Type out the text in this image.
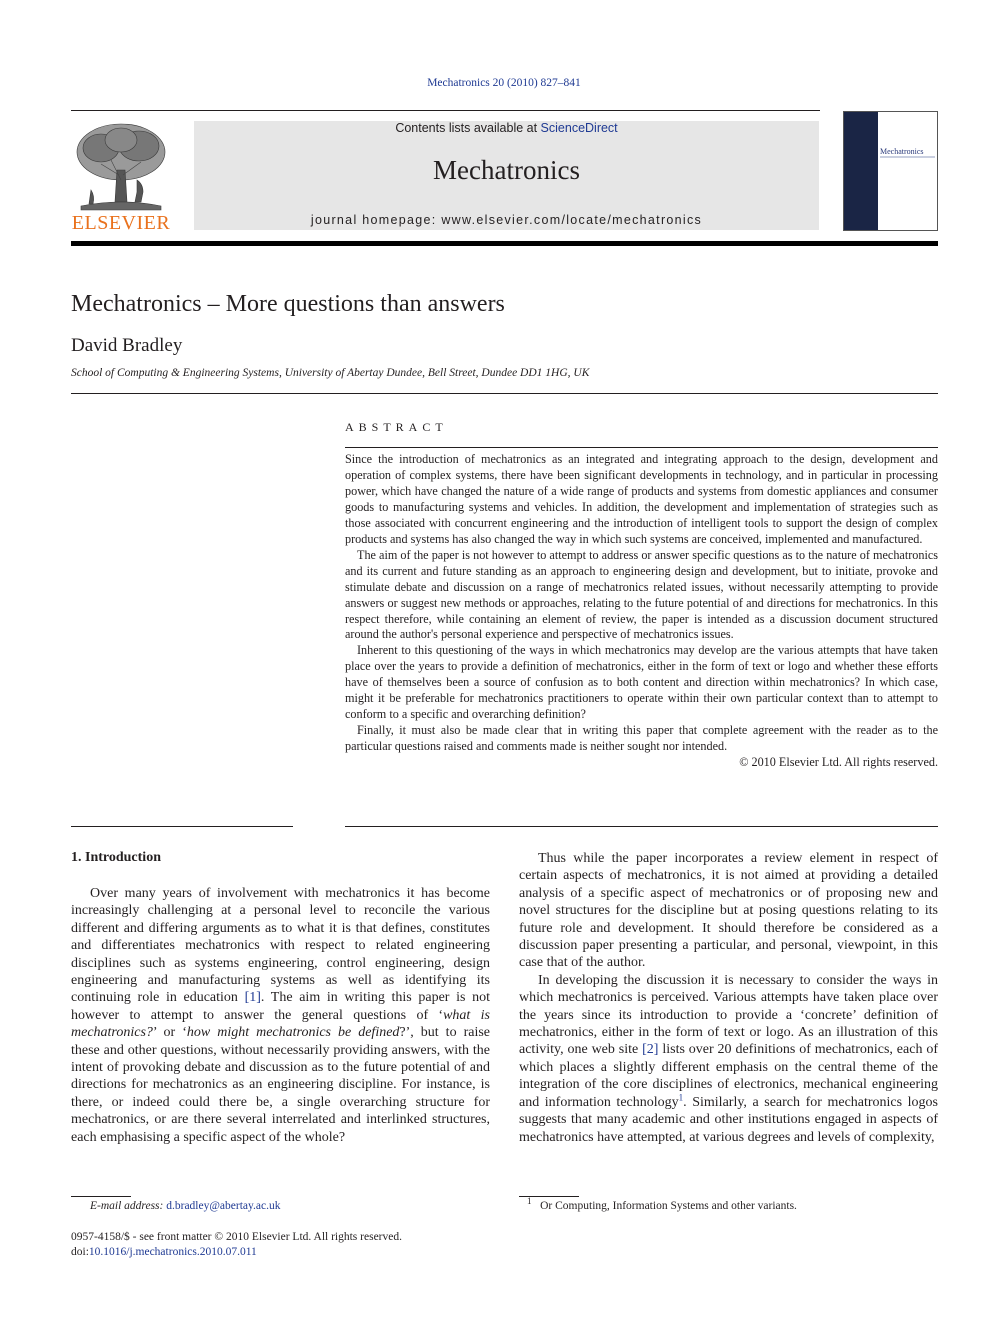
Mechatronics 20 (2010) 827–841
ELSEVIER
Contents lists available at ScienceDirect
Mechatronics
journal homepage: www.elsevier.com/locate/mechatronics
Mechatronics
Mechatronics – More questions than answers
David Bradley
School of Computing & Engineering Systems, University of Abertay Dundee, Bell Street, Dundee DD1 1HG, UK
ABSTRACT

Since the introduction of mechatronics as an integrated and integrating approach to the design, development and operation of complex systems, there have been significant developments in technology, and in particular in processing power, which have changed the nature of a wide range of products and systems from domestic appliances and consumer goods to manufacturing systems and vehicles. In addition, the development and implementation of strategies such as those associated with concurrent engineering and the introduction of intelligent tools to support the design of complex products and systems has also changed the way in which such systems are conceived, implemented and manufactured.

The aim of the paper is not however to attempt to address or answer specific questions as to the nature of mechatronics and its current and future standing as an approach to engineering design and development, but to initiate, provoke and stimulate debate and discussion on a range of mechatronics related issues, without necessarily attempting to provide answers or suggest new methods or approaches, relating to the future potential of and directions for mechatronics. In this respect therefore, while containing an element of review, the paper is intended as a discussion document structured around the author's personal experience and perspective of mechatronics issues.

Inherent to this questioning of the ways in which mechatronics may develop are the various attempts that have taken place over the years to provide a definition of mechatronics, either in the form of text or logo and whether these efforts have of themselves been a source of confusion as to both content and direction within mechatronics? In which case, might it be preferable for mechatronics practitioners to operate within their own particular context than to attempt to conform to a specific and overarching definition?

Finally, it must also be made clear that in writing this paper that complete agreement with the reader as to the particular questions raised and comments made is neither sought nor intended.

© 2010 Elsevier Ltd. All rights reserved.

1. Introduction

Over many years of involvement with mechatronics it has become increasingly challenging at a personal level to reconcile the various different and differing arguments as to what it is that defines, constitutes and differentiates mechatronics with respect to related engineering disciplines such as systems engineering, control engineering, design engineering and manufacturing systems as well as identifying its continuing role in education [1]. The aim in writing this paper is not however to attempt to answer the general questions of ‘what is mechatronics?’ or ‘how might mechatronics be defined?’, but to raise these and other questions, without necessarily providing answers, with the intent of provoking debate and discussion as to the future potential of and directions for mechatronics as an engineering discipline. For instance, is there, or indeed could there be, a single overarching structure for mechatronics, or are there several interrelated and interlinked structures, each emphasising a specific aspect of the whole?

Thus while the paper incorporates a review element in respect of certain aspects of mechatronics, it is not aimed at providing a detailed analysis of a specific aspect of mechatronics or of proposing new and novel structures for the discipline but at posing questions relating to its future role and development. It should therefore be considered as a discussion paper presenting a particular, and personal, viewpoint, in this case that of the author.

In developing the discussion it is necessary to consider the ways in which mechatronics is perceived. Various attempts have taken place over the years since its introduction to provide a ‘concrete’ definition of mechatronics, either in the form of text or logo. As an illustration of this activity, one web site [2] lists over 20 definitions of mechatronics, each of which places a slightly different emphasis on the central theme of the integration of the core disciplines of electronics, mechanical engineering and information technology$^1$. Similarly, a search for mechatronics logos suggests that many academic and other institutions engaged in aspects of mechatronics have attempted, at various degrees and levels of complexity,

E-mail address: d.bradley@abertay.ac.uk	$^1$ Or Computing, Information Systems and other variants.
0957-4158/$ - see front matter © 2010 Elsevier Ltd. All rights reserved.
doi:10.1016/j.mechatronics.2010.07.011
